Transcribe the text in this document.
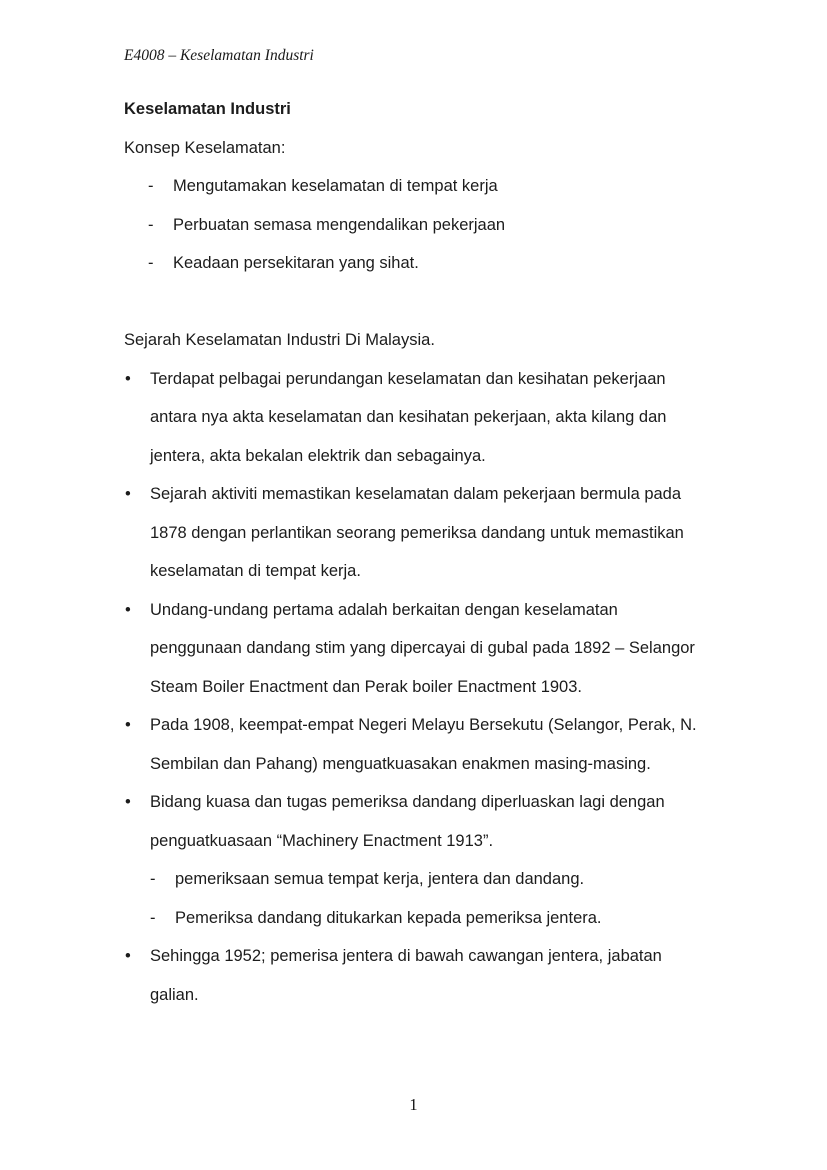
E4008 – Keselamatan Industri
Keselamatan Industri
Konsep Keselamatan:
- Mengutamakan keselamatan di tempat kerja
- Perbuatan semasa mengendalikan pekerjaan
- Keadaan persekitaran yang sihat.
Sejarah Keselamatan Industri Di Malaysia.
• Terdapat pelbagai perundangan keselamatan dan kesihatan pekerjaan antara nya akta keselamatan dan kesihatan pekerjaan, akta kilang dan jentera, akta bekalan elektrik dan sebagainya.
• Sejarah aktiviti memastikan keselamatan dalam pekerjaan bermula pada 1878 dengan perlantikan seorang pemeriksa dandang untuk memastikan keselamatan di tempat kerja.
• Undang-undang pertama adalah berkaitan dengan keselamatan penggunaan dandang stim yang dipercayai di gubal pada 1892 – Selangor Steam Boiler Enactment dan Perak boiler Enactment 1903.
• Pada 1908, keempat-empat Negeri Melayu Bersekutu (Selangor, Perak, N. Sembilan dan Pahang) menguatkuasakan enakmen masing-masing.
• Bidang kuasa dan tugas pemeriksa dandang diperluaskan lagi dengan penguatkuasaan “Machinery Enactment 1913”.
- pemeriksaan semua tempat kerja, jentera dan dandang.
- Pemeriksa dandang ditukarkan kepada pemeriksa jentera.
• Sehingga 1952; pemerisa jentera di bawah cawangan jentera, jabatan galian.
1
